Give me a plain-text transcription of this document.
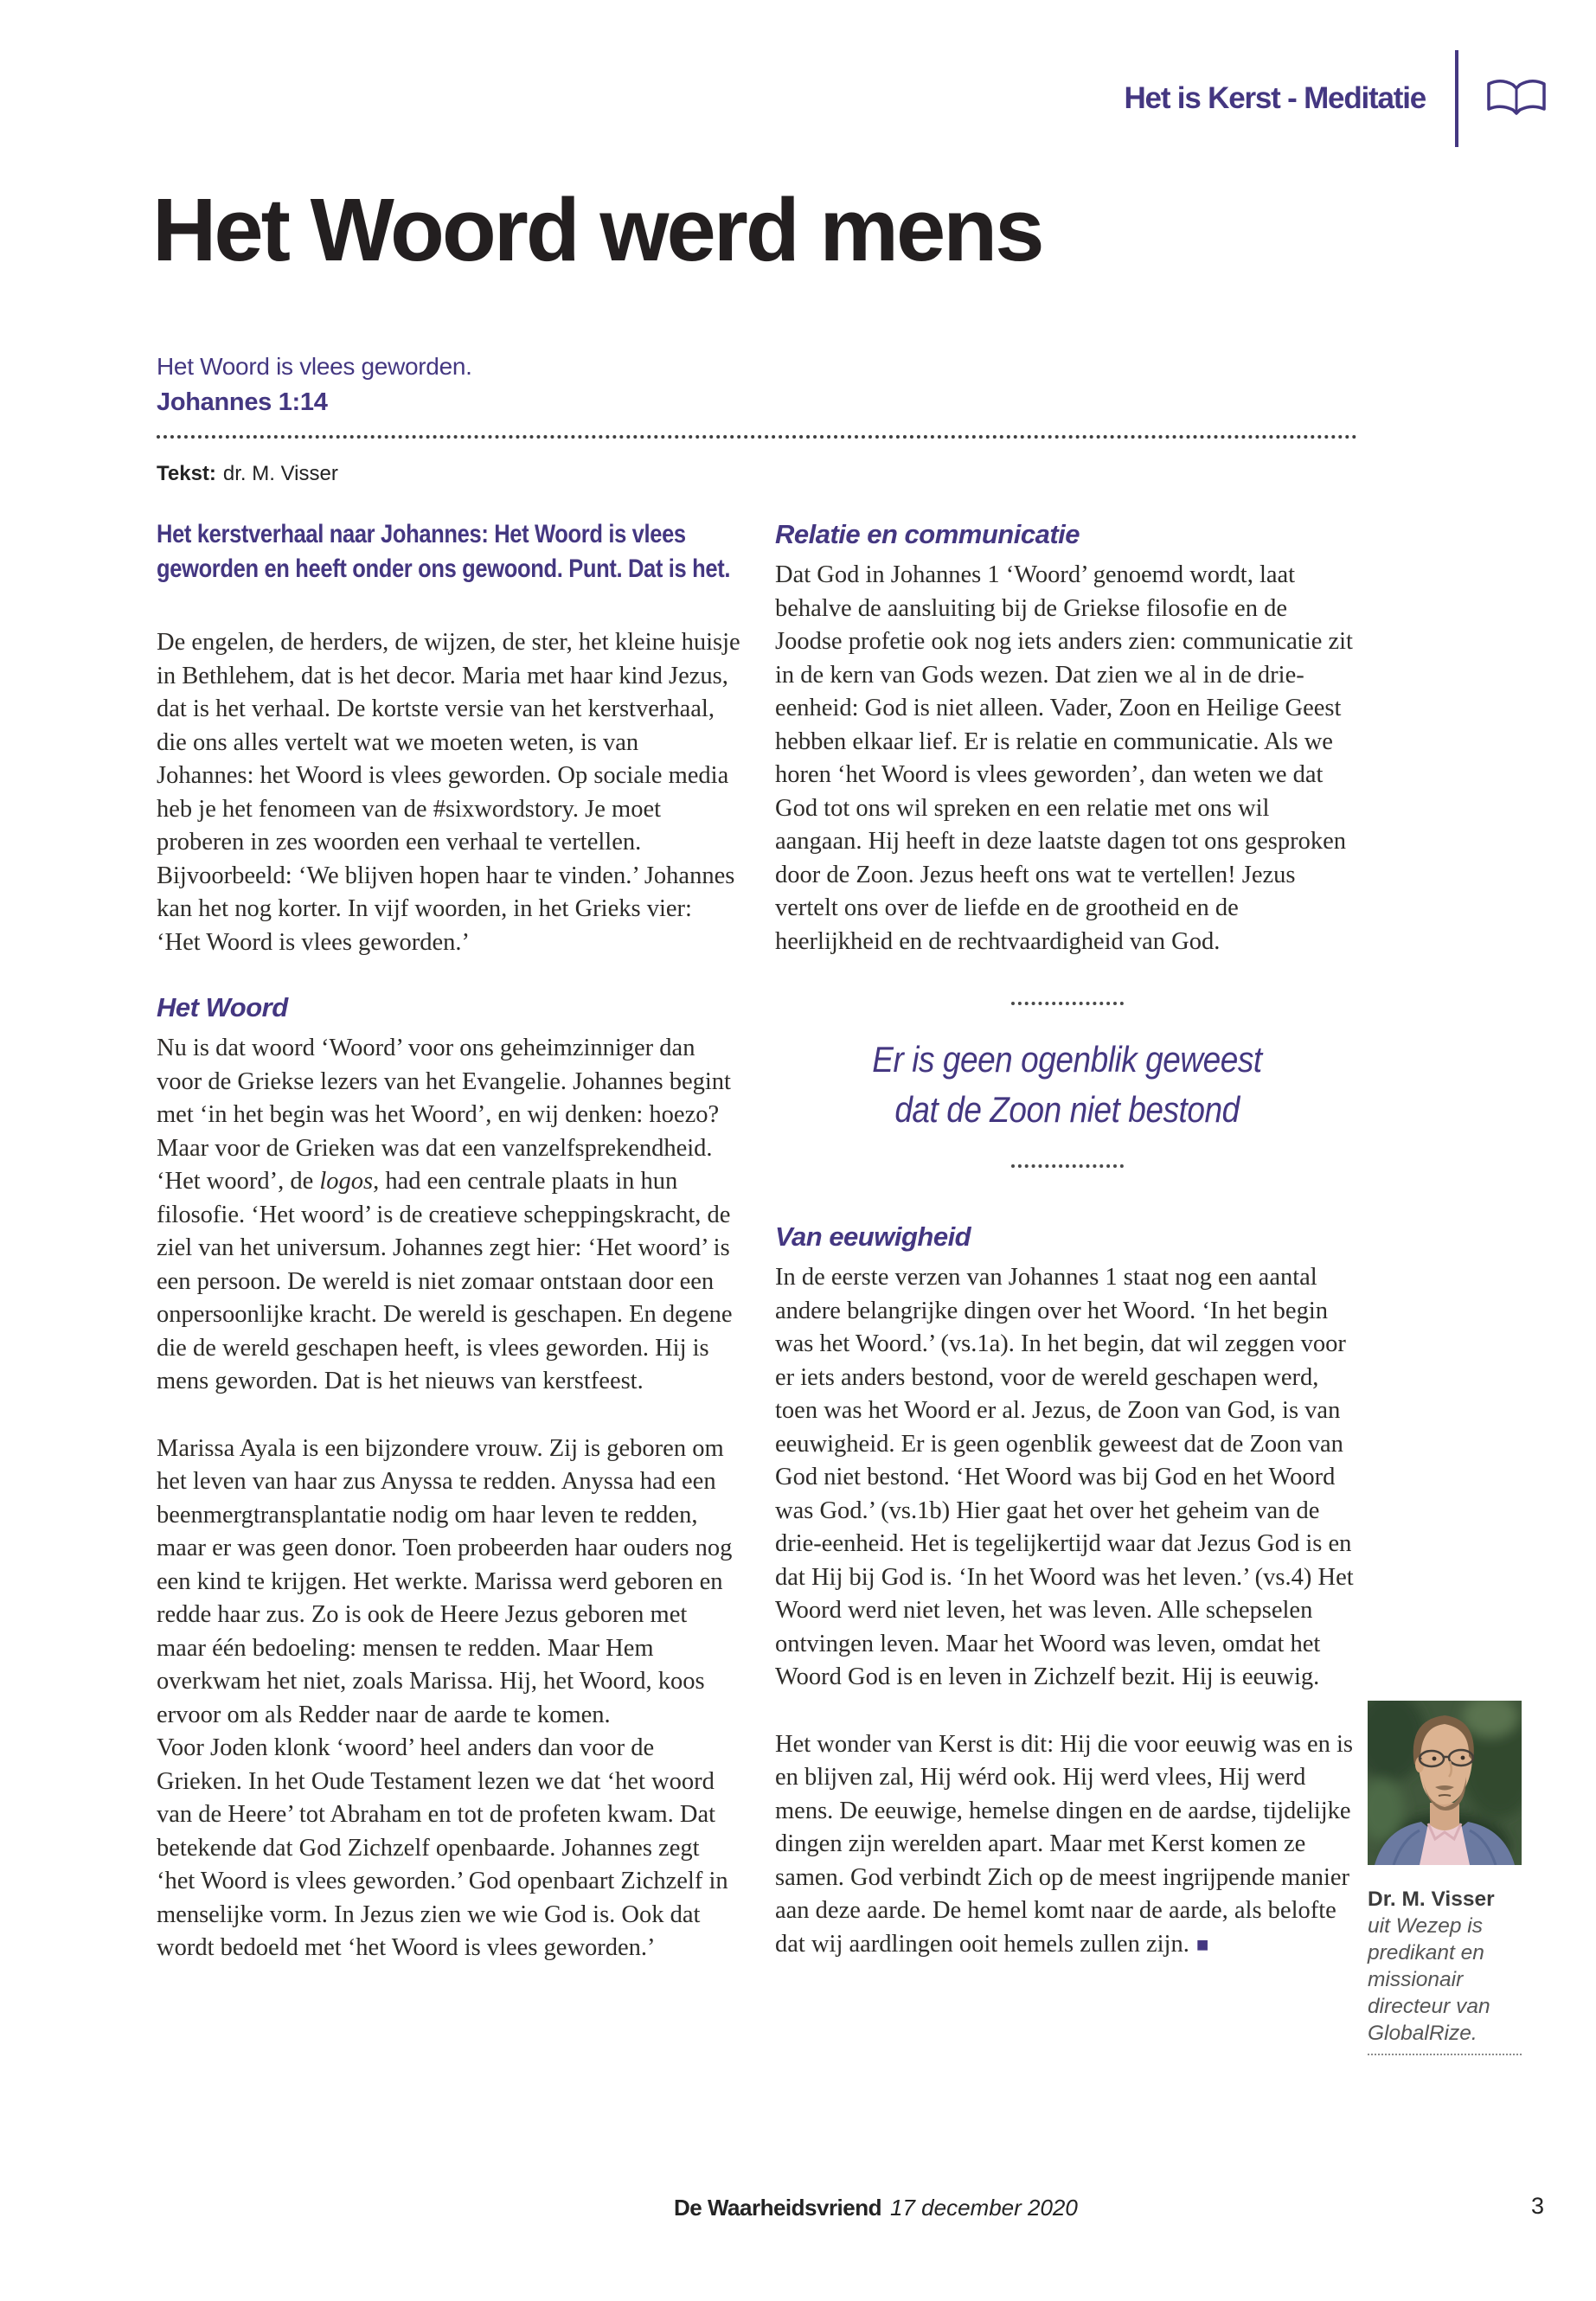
Het is Kerst - Meditatie
Het Woord werd mens
Het Woord is vlees geworden.
Johannes 1:14
Tekst: dr. M. Visser

Het kerstverhaal naar Johannes: Het Woord is vlees geworden en heeft onder ons gewoond. Punt. Dat is het.

De engelen, de herders, de wijzen, de ster, het kleine huisje in Bethlehem, dat is het decor. Maria met haar kind Jezus, dat is het verhaal. De kortste versie van het kerstverhaal, die ons alles vertelt wat we moeten weten, is van Johannes: het Woord is vlees geworden. Op sociale media heb je het fenomeen van de #sixwordstory. Je moet proberen in zes woorden een verhaal te vertellen. Bijvoorbeeld: ‘We blijven hopen haar te vinden.’ Johannes kan het nog korter. In vijf woorden, in het Grieks vier: ‘Het Woord is vlees geworden.’

Het Woord

Nu is dat woord ‘Woord’ voor ons geheimzinniger dan voor de Griekse lezers van het Evangelie. Johannes begint met ‘in het begin was het Woord’, en wij denken: hoezo? Maar voor de Grieken was dat een vanzelfsprekendheid. ‘Het woord’, de logos, had een centrale plaats in hun filosofie. ‘Het woord’ is de creatieve scheppingskracht, de ziel van het universum. Johannes zegt hier: ‘Het woord’ is een persoon. De wereld is niet zomaar ontstaan door een onpersoonlijke kracht. De wereld is geschapen. En degene die de wereld geschapen heeft, is vlees geworden. Hij is mens geworden. Dat is het nieuws van kerstfeest.

Marissa Ayala is een bijzondere vrouw. Zij is geboren om het leven van haar zus Anyssa te redden. Anyssa had een beenmergtransplantatie nodig om haar leven te redden, maar er was geen donor. Toen probeerden haar ouders nog een kind te krijgen. Het werkte. Marissa werd geboren en redde haar zus. Zo is ook de Heere Jezus geboren met maar één bedoeling: mensen te redden. Maar Hem overkwam het niet, zoals Marissa. Hij, het Woord, koos ervoor om als Redder naar de aarde te komen.

Voor Joden klonk ‘woord’ heel anders dan voor de Grieken. In het Oude Testament lezen we dat ‘het woord van de Heere’ tot Abraham en tot de profeten kwam. Dat betekende dat God Zichzelf openbaarde. Johannes zegt ‘het Woord is vlees geworden.’ God openbaart Zichzelf in menselijke vorm. In Jezus zien we wie God is. Ook dat wordt bedoeld met ‘het Woord is vlees geworden.’

Relatie en communicatie

Dat God in Johannes 1 ‘Woord’ genoemd wordt, laat behalve de aansluiting bij de Griekse filosofie en de Joodse profetie ook nog iets anders zien: communicatie zit in de kern van Gods wezen. Dat zien we al in de drie-eenheid: God is niet alleen. Vader, Zoon en Heilige Geest hebben elkaar lief. Er is relatie en communicatie. Als we horen ‘het Woord is vlees geworden’, dan weten we dat God tot ons wil spreken en een relatie met ons wil aangaan. Hij heeft in deze laatste dagen tot ons gesproken door de Zoon. Jezus heeft ons wat te vertellen! Jezus vertelt ons over de liefde en de grootheid en de heerlijkheid en de rechtvaardigheid van God.

Er is geen ogenblik geweest
dat de Zoon niet bestond
Van eeuwigheid

In de eerste verzen van Johannes 1 staat nog een aantal andere belangrijke dingen over het Woord. ‘In het begin was het Woord.’ (vs.1a). In het begin, dat wil zeggen voor er iets anders bestond, voor de wereld geschapen werd, toen was het Woord er al. Jezus, de Zoon van God, is van eeuwigheid. Er is geen ogenblik geweest dat de Zoon van God niet bestond. ‘Het Woord was bij God en het Woord was God.’ (vs.1b) Hier gaat het over het geheim van de drie-eenheid. Het is tegelijkertijd waar dat Jezus God is en dat Hij bij God is. ‘In het Woord was het leven.’ (vs.4) Het Woord werd niet leven, het was leven. Alle schepselen ontvingen leven. Maar het Woord was leven, omdat het Woord God is en leven in Zichzelf bezit. Hij is eeuwig.

Het wonder van Kerst is dit: Hij die voor eeuwig was en is en blijven zal, Hij wérd ook. Hij werd vlees, Hij werd mens. De eeuwige, hemelse dingen en de aardse, tijdelijke dingen zijn werelden apart. Maar met Kerst komen ze samen. God verbindt Zich op de meest ingrijpende manier aan deze aarde. De hemel komt naar de aarde, als belofte dat wij aardlingen ooit hemels zullen zijn. ■

Dr. M. Visser
uit Wezep is predikant en missionair directeur van GlobalRize.
De Waarheidsvriend 17 december 2020	3
